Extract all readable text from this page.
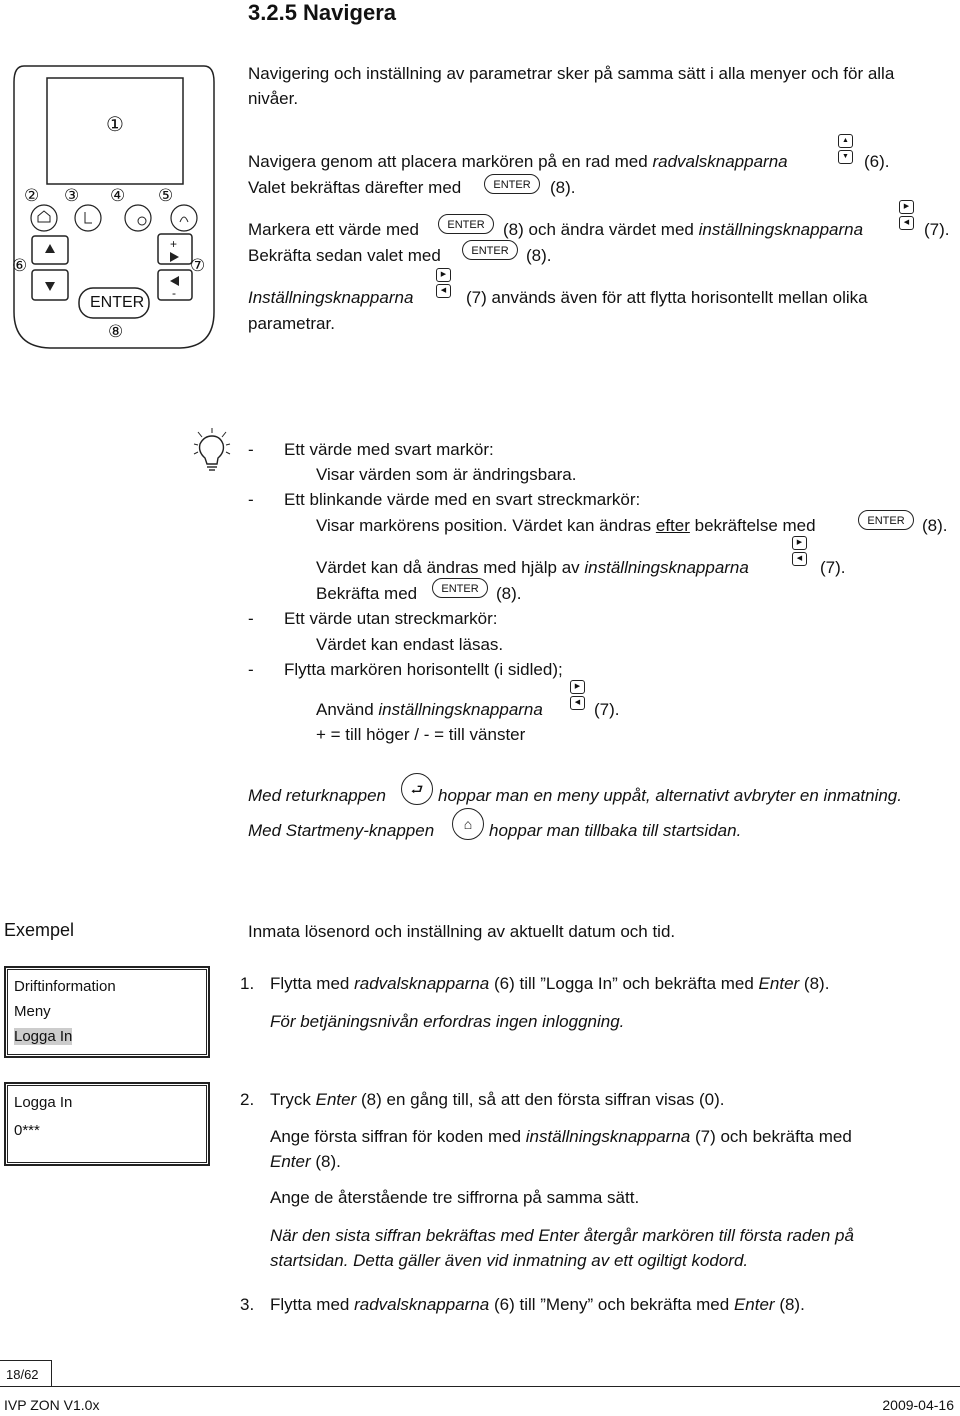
3.2.5 Navigera
①
② ③ ④ ⑤
⑥	⑦
⑧
ENTER
+
-
Navigering och inställning av parametrar sker på samma sätt i alla menyer och för alla
nivåer.
Navigera genom att placera markören på en rad med radvalsknapparna
▲
▼ (6).
Valet bekräftas därefter med	ENTER	(8).
Markera ett värde med	ENTER	(8) och ändra värdet med inställningsknapparna
▶
◀ (7).
Bekräfta sedan valet med	ENTER	(8).
Inställningsknapparna
▶
◀ (7) används även för att flytta horisontellt mellan olika
parametrar.
- Ett värde med svart markör:
Visar värden som är ändringsbara.
- Ett blinkande värde med en svart streckmarkör:
Visar markörens position. Värdet kan ändras efter bekräftelse med	ENTER	(8).
Värdet kan då ändras med hjälp av inställningsknapparna
▶
◀ (7).
Bekräfta med	ENTER	(8).
- Ett värde utan streckmarkör:
Värdet kan endast läsas.
- Flytta markören horisontellt (i sidled);
Använd inställningsknapparna
▶
◀ (7).
+ = till höger / - = till vänster
Med returknappen	⮐ hoppar man en meny uppåt, alternativt avbryter en inmatning.
Med Startmeny-knappen	⌂ hoppar man tillbaka till startsidan.
Exempel	Inmata lösenord och inställning av aktuellt datum och tid.
Driftinformation
Meny
Logga In
1. Flytta med radvalsknapparna (6) till ”Logga In” och bekräfta med Enter (8).
För betjäningsnivån erfordras ingen inloggning.
Logga In
0***
2. Tryck Enter (8) en gång till, så att den första siffran visas (0).
Ange första siffran för koden med inställningsknapparna (7) och bekräfta med
Enter (8).
Ange de återstående tre siffrorna på samma sätt.
När den sista siffran bekräftas med Enter återgår markören till första raden på
startsidan. Detta gäller även vid inmatning av ett ogiltigt kodord.
3. Flytta med radvalsknapparna (6) till ”Meny” och bekräfta med Enter (8).
18/62
IVP ZON V1.0x	2009-04-16
